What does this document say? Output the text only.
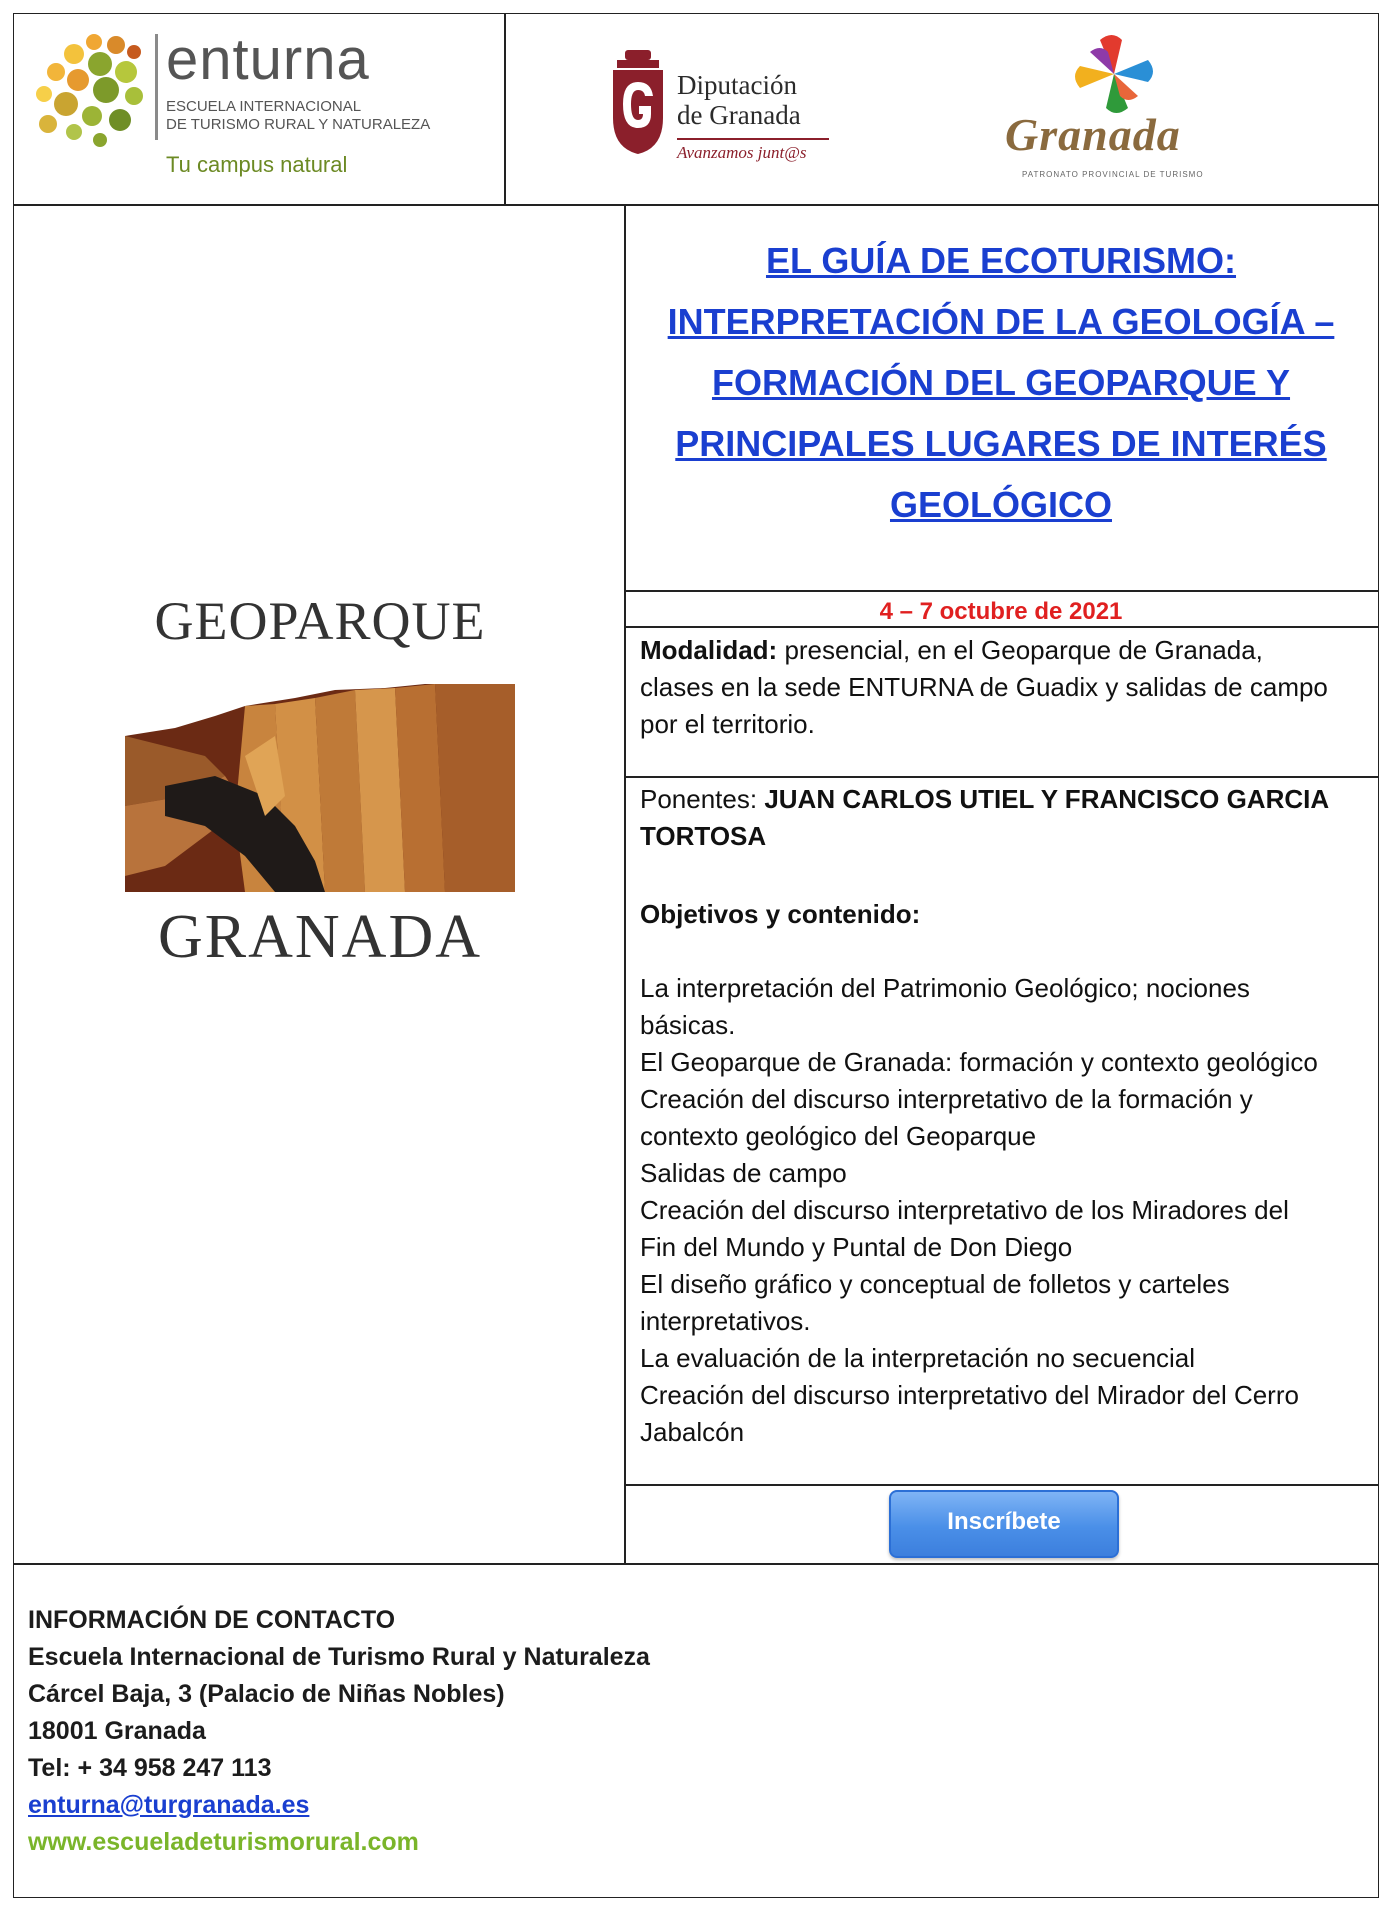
enturna
ESCUELA INTERNACIONAL
DE TURISMO RURAL Y NATURALEZA
Tu campus natural
Diputación
de Granada
Avanzamos junt@s	Granada
PATRONATO PROVINCIAL DE TURISMO
GEOPARQUE
GRANADA
EL GUÍA DE ECOTURISMO:
INTERPRETACIÓN DE LA GEOLOGÍA –
FORMACIÓN DEL GEOPARQUE Y
PRINCIPALES LUGARES DE INTERÉS
GEOLÓGICO
4 – 7 octubre de 2021
Modalidad: presencial, en el Geoparque de Granada,
clases en la sede ENTURNA de Guadix y salidas de campo
por el territorio.
Ponentes: JUAN CARLOS UTIEL Y FRANCISCO GARCIA
TORTOSA
Objetivos y contenido:
La interpretación del Patrimonio Geológico; nociones
básicas.
El Geoparque de Granada: formación y contexto geológico
Creación del discurso interpretativo de la formación y
contexto geológico del Geoparque
Salidas de campo
Creación del discurso interpretativo de los Miradores del
Fin del Mundo y Puntal de Don Diego
El diseño gráfico y conceptual de folletos y carteles
interpretativos.
La evaluación de la interpretación no secuencial
Creación del discurso interpretativo del Mirador del Cerro
Jabalcón
Inscríbete
INFORMACIÓN DE CONTACTO
Escuela Internacional de Turismo Rural y Naturaleza
Cárcel Baja, 3 (Palacio de Niñas Nobles)
18001 Granada
Tel: + 34 958 247 113
enturna@turgranada.es
www.escueladeturismorural.com
